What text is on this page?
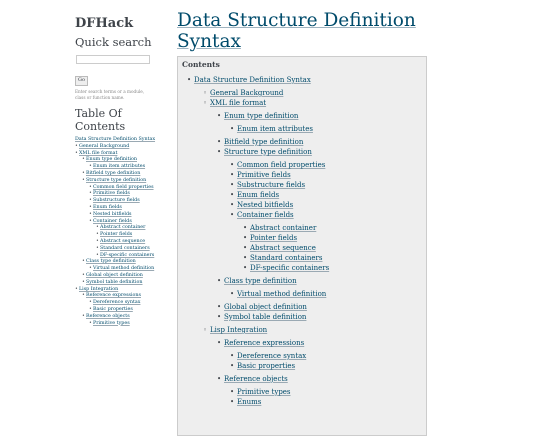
DFHack
Quick search
Go
Enter search terms or a module, class or function name.
Table Of Contents
Data Structure Definition Syntax
• General Background
• XML file format
• Enum type definition
• Enum item attributes
• Bitfield type definition
• Structure type definition
• Common field properties
• Primitive fields
• Substructure fields
• Enum fields
• Nested bitfields
• Container fields
• Abstract container
• Pointer fields
• Abstract sequence
• Standard containers
• DF-specific containers
• Class type definition
• Virtual method definition
• Global object definition
• Symbol table definition
• Lisp Integration
• Reference expressions
• Dereference syntax
• Basic properties
• Reference objects
• Primitive types
Data Structure Definition Syntax
Contents
• Data Structure Definition Syntax
◦ General Background
◦ XML file format
• Enum type definition
• Enum item attributes
• Bitfield type definition
• Structure type definition
• Common field properties
• Primitive fields
• Substructure fields
• Enum fields
• Nested bitfields
• Container fields
• Abstract container
• Pointer fields
• Abstract sequence
• Standard containers
• DF-specific containers
• Class type definition
• Virtual method definition
• Global object definition
• Symbol table definition
◦ Lisp Integration
• Reference expressions
• Dereference syntax
• Basic properties
• Reference objects
• Primitive types
• Enums
